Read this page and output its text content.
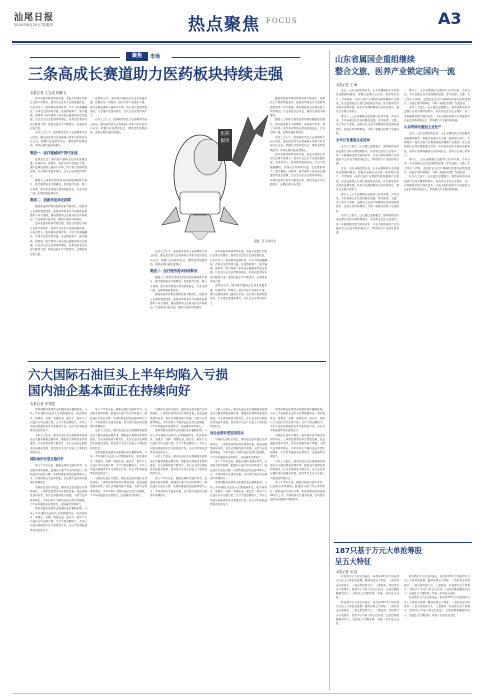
汕尾日报
2020年8月20日 星期四	热点聚焦 FOCUS	A3
聚焦	市场
三条高成长赛道助力医药板块持续走强
本报记者 王五成 郭鹏飞

近年来医药板块持续走强，受益于政策红利和行业景气度提升，医药行业正处于高速发展阶段。从年初至今，医药板块表现优异，多只个股涨幅翻倍，市场关注度持续升温。在疫情影响下，医疗器械、创新药、医疗服务三条高成长赛道受到资金追捧，行业龙头企业业绩持续增长，机构投资者纷纷加大配置力度，板块估值水平不断提升，长期投资价值凸显。

业内人士认为，医药板块仍处于长周期景气向上阶段，建议投资者关注具备核心竞争力的优质龙头企业，把握行业结构性机会，理性看待短期波动，坚持长期价值投资理念。

赛道一：医疗器械国产替代加速

疫情发生后，国内医疗器械企业迎来发展机遇，检测试剂、呼吸机、监护仪等产品需求大增，国产品牌加速进入国内外市场，进口替代进程明显加快，行业集中度逐步提升，龙头企业优势持续扩大。

随着人口老龄化程度加深和居民健康意识提升，医疗服务需求不断释放，民营医疗机构、第三方检测、医疗美容等细分领域快速成长，行业空间广阔，长期发展前景看好。

赛道二：创新药迎来收获期

随着药品审评审批制度改革不断深化，创新药上市速度明显加快，医保谈判常态化为创新药放量提供了有力保障，国内创新药企业研发投入持续增加，产品管线日益丰富，国际化进程不断推进。

近年来医药板块持续走强，受益于政策红利和行业景气度提升，医药行业正处于高速发展阶段。从年初至今，医药板块表现优异，多只个股涨幅翻倍，市场关注度持续升温。在疫情影响下，医疗器械、创新药、医疗服务三条高成长赛道受到资金追捧，行业龙头企业业绩持续增长，机构投资者纷纷加大配置力度，板块估值水平不断提升，长期投资价值凸显。

疫情发生后，国内医疗器械企业迎来发展机遇，检测试剂、呼吸机、监护仪等产品需求大增，国产品牌加速进入国内外市场，进口替代进程明显加快，行业集中度逐步提升，龙头企业优势持续扩大。

业内人士认为，医药板块仍处于长周期景气向上阶段，建议投资者关注具备核心竞争力的优质龙头企业，把握行业结构性机会，理性看待短期波动，坚持长期价值投资理念。	医药板块
漫画：张 亮/新华社

业内人士认为，医药板块仍处于长周期景气向上阶段，建议投资者关注具备核心竞争力的优质龙头企业，把握行业结构性机会，理性看待短期波动，坚持长期价值投资理念。

赛道三：医疗服务需求持续释放

随着人口老龄化程度加深和居民健康意识提升，医疗服务需求不断释放，民营医疗机构、第三方检测、医疗美容等细分领域快速成长，行业空间广阔，长期发展前景看好。

随着药品审评审批制度改革不断深化，创新药上市速度明显加快，医保谈判常态化为创新药放量提供了有力保障，国内创新药企业研发投入持续增加，产品管线日益丰富，国际化进程不断推进。

近年来医药板块持续走强，受益于政策红利和行业景气度提升，医药行业正处于高速发展阶段。从年初至今，医药板块表现优异，多只个股涨幅翻倍，市场关注度持续升温。在疫情影响下，医疗器械、创新药、医疗服务三条高成长赛道受到资金追捧，行业龙头企业业绩持续增长，机构投资者纷纷加大配置力度，板块估值水平不断提升，长期投资价值凸显。

疫情发生后，国内医疗器械企业迎来发展机遇，检测试剂、呼吸机、监护仪等产品需求大增，国产品牌加速进入国内外市场，进口替代进程明显加快，行业集中度逐步提升，龙头企业优势持续扩大。

随着药品审评审批制度改革不断深化，创新药上市速度明显加快，医保谈判常态化为创新药放量提供了有力保障，国内创新药企业研发投入持续增加，产品管线日益丰富，国际化进程不断推进。

随着人口老龄化程度加深和居民健康意识提升，医疗服务需求不断释放，民营医疗机构、第三方检测、医疗美容等细分领域快速成长，行业空间广阔，长期发展前景看好。

业内人士认为，医药板块仍处于长周期景气向上阶段，建议投资者关注具备核心竞争力的优质龙头企业，把握行业结构性机会，理性看待短期波动，坚持长期价值投资理念。

近年来医药板块持续走强，受益于政策红利和行业景气度提升，医药行业正处于高速发展阶段。从年初至今，医药板块表现优异，多只个股涨幅翻倍，市场关注度持续升温。在疫情影响下，医疗器械、创新药、医疗服务三条高成长赛道受到资金追捧，行业龙头企业业绩持续增长，机构投资者纷纷加大配置力度，板块估值水平不断提升，长期投资价值凸显。

六大国际石油巨头上半年均陷入亏损
国内油企基本面正在持续向好
本报记者 李秀霞

受新冠肺炎疫情冲击和国际油价暴跌影响，今年上半年国际石油巨头业绩普遍承压，埃克森美孚、雪佛龙、壳牌、英国石油、道达尔、埃尼六大石油巨头均出现亏损，合计亏损金额较大，多家公司宣布削减资本开支和裁员计划，以应对市场低迷带来的经营压力。

分析人士指出，国内石油企业在保障国家能源安全方面发挥着重要作用，随着油气体制改革持续推进，行业竞争格局不断优化，龙头企业的长期投资价值逐步显现，投资者可关注产业链上下游的结构性机会。

国际油价有望企稳回升

进入下半年以来，随着全球经济逐步复苏，石油需求有所回暖，欧佩克+减产协议持续执行，国际油价从低位反弹，布伦特原油价格站稳40美元上方，市场供需关系逐步改善，业内预计油价将在震荡中缓慢回升。

与国际石油巨头相比，国内油企基本面正在持续向好，二季度经营情况环比明显改善，成品油销量逐步恢复，炼化业务盈利能力增强，天然气业务保持增长，多家机构认为国内油企业绩已经触底，下半年有望迎来业绩拐点，估值修复空间较大。

受新冠肺炎疫情冲击和国际油价暴跌影响，今年上半年国际石油巨头业绩普遍承压，埃克森美孚、雪佛龙、壳牌、英国石油、道达尔、埃尼六大石油巨头均出现亏损，合计亏损金额较大，多家公司宣布削减资本开支和裁员计划，以应对市场低迷带来的经营压力。

进入下半年以来，随着全球经济逐步复苏，石油需求有所回暖，欧佩克+减产协议持续执行，国际油价从低位反弹，布伦特原油价格站稳40美元上方，市场供需关系逐步改善，业内预计油价将在震荡中缓慢回升。

分析人士指出，国内石油企业在保障国家能源安全方面发挥着重要作用，随着油气体制改革持续推进，行业竞争格局不断优化，龙头企业的长期投资价值逐步显现，投资者可关注产业链上下游的结构性机会。

受新冠肺炎疫情冲击和国际油价暴跌影响，今年上半年国际石油巨头业绩普遍承压，埃克森美孚、雪佛龙、壳牌、英国石油、道达尔、埃尼六大石油巨头均出现亏损，合计亏损金额较大，多家公司宣布削减资本开支和裁员计划，以应对市场低迷带来的经营压力。

与国际石油巨头相比，国内油企基本面正在持续向好，二季度经营情况环比明显改善，成品油销量逐步恢复，炼化业务盈利能力增强，天然气业务保持增长，多家机构认为国内油企业绩已经触底，下半年有望迎来业绩拐点，估值修复空间较大。

与国际石油巨头相比，国内油企基本面正在持续向好，二季度经营情况环比明显改善，成品油销量逐步恢复，炼化业务盈利能力增强，天然气业务保持增长，多家机构认为国内油企业绩已经触底，下半年有望迎来业绩拐点，估值修复空间较大。

受新冠肺炎疫情冲击和国际油价暴跌影响，今年上半年国际石油巨头业绩普遍承压，埃克森美孚、雪佛龙、壳牌、英国石油、道达尔、埃尼六大石油巨头均出现亏损，合计亏损金额较大，多家公司宣布削减资本开支和裁员计划，以应对市场低迷带来的经营压力。

分析人士指出，国内石油企业在保障国家能源安全方面发挥着重要作用，随着油气体制改革持续推进，行业竞争格局不断优化，龙头企业的长期投资价值逐步显现，投资者可关注产业链上下游的结构性机会。

进入下半年以来，随着全球经济逐步复苏，石油需求有所回暖，欧佩克+减产协议持续执行，国际油价从低位反弹，布伦特原油价格站稳40美元上方，市场供需关系逐步改善，业内预计油价将在震荡中缓慢回升。

分析人士指出，国内石油企业在保障国家能源安全方面发挥着重要作用，随着油气体制改革持续推进，行业竞争格局不断优化，龙头企业的长期投资价值逐步显现，投资者可关注产业链上下游的结构性机会。

油企业绩有望迎来拐点

与国际石油巨头相比，国内油企基本面正在持续向好，二季度经营情况环比明显改善，成品油销量逐步恢复，炼化业务盈利能力增强，天然气业务保持增长，多家机构认为国内油企业绩已经触底，下半年有望迎来业绩拐点，估值修复空间较大。

进入下半年以来，随着全球经济逐步复苏，石油需求有所回暖，欧佩克+减产协议持续执行，国际油价从低位反弹，布伦特原油价格站稳40美元上方，市场供需关系逐步改善，业内预计油价将在震荡中缓慢回升。

受新冠肺炎疫情冲击和国际油价暴跌影响，今年上半年国际石油巨头业绩普遍承压，埃克森美孚、雪佛龙、壳牌、英国石油、道达尔、埃尼六大石油巨头均出现亏损，合计亏损金额较大，多家公司宣布削减资本开支和裁员计划，以应对市场低迷带来的经营压力。

受新冠肺炎疫情冲击和国际油价暴跌影响，今年上半年国际石油巨头业绩普遍承压，埃克森美孚、雪佛龙、壳牌、英国石油、道达尔、埃尼六大石油巨头均出现亏损，合计亏损金额较大，多家公司宣布削减资本开支和裁员计划，以应对市场低迷带来的经营压力。

与国际石油巨头相比，国内油企基本面正在持续向好，二季度经营情况环比明显改善，成品油销量逐步恢复，炼化业务盈利能力增强，天然气业务保持增长，多家机构认为国内油企业绩已经触底，下半年有望迎来业绩拐点，估值修复空间较大。

分析人士指出，国内石油企业在保障国家能源安全方面发挥着重要作用，随着油气体制改革持续推进，行业竞争格局不断优化，龙头企业的长期投资价值逐步显现，投资者可关注产业链上下游的结构性机会。

进入下半年以来，随着全球经济逐步复苏，石油需求有所回暖，欧佩克+减产协议持续执行，国际油价从低位反弹，布伦特原油价格站稳40美元上方，市场供需关系逐步改善，业内预计油价将在震荡中缓慢回升。

山东省属国企重组继续
整合文旅、医养产业锁定国内一流
本报记者 王 峰

近日，山东省国资委宣布，山东省属国有企业战略性重组继续推进，将整合省属企业文旅、医养相关资产，打造国内一流的文旅产业集团和医养健康产业集团。此次重组是山东深化国资国企改革、优化国有资本布局的重要举措，有利于发挥规模效应和协同效应，提升企业核心竞争力。

事实上，山东省属国企重组早已拉开序幕，去年以来，多家省属企业完成战略性重组，涉及能源、交通、化工等多个领域，重组后企业资产规模和经营效益明显提升，改革红利持续释放，为新一轮整合积累了宝贵经验。

去年已有重组企业进场

业内人士表示，山东通过重组整合，推动国有资本向重要行业和关键领域集中，向优势企业和主业集中，进一步做强做优做大国有资本，未来文旅和医养产业有望成为山东经济新的增长点，带动相关产业链协同发展。

近日，山东省国资委宣布，山东省属国有企业战略性重组继续推进，将整合省属企业文旅、医养相关资产，打造国内一流的文旅产业集团和医养健康产业集团。此次重组是山东深化国资国企改革、优化国有资本布局的重要举措，有利于发挥规模效应和协同效应，提升企业核心竞争力。

事实上，山东省属国企重组早已拉开序幕，去年以来，多家省属企业完成战略性重组，涉及能源、交通、化工等多个领域，重组后企业资产规模和经营效益明显提升，改革红利持续释放，为新一轮整合积累了宝贵经验。

业内人士表示，山东通过重组整合，推动国有资本向重要行业和关键领域集中，向优势企业和主业集中，进一步做强做优做大国有资本，未来文旅和医养产业有望成为山东经济新的增长点，带动相关产业链协同发展。

事实上，山东省属国企重组早已拉开序幕，去年以来，多家省属企业完成战略性重组，涉及能源、交通、化工等多个领域，重组后企业资产规模和经营效益明显提升，改革红利持续释放，为新一轮整合积累了宝贵经验。

业内人士表示，山东通过重组整合，推动国有资本向重要行业和关键领域集中，向优势企业和主业集中，进一步做强做优做大国有资本，未来文旅和医养产业有望成为山东经济新的增长点，带动相关产业链协同发展。

山东利国用重组主业变产

近日，山东省国资委宣布，山东省属国有企业战略性重组继续推进，将整合省属企业文旅、医养相关资产，打造国内一流的文旅产业集团和医养健康产业集团。此次重组是山东深化国资国企改革、优化国有资本布局的重要举措，有利于发挥规模效应和协同效应，提升企业核心竞争力。

事实上，山东省属国企重组早已拉开序幕，去年以来，多家省属企业完成战略性重组，涉及能源、交通、化工等多个领域，重组后企业资产规模和经营效益明显提升，改革红利持续释放，为新一轮整合积累了宝贵经验。

业内人士表示，山东通过重组整合，推动国有资本向重要行业和关键领域集中，向优势企业和主业集中，进一步做强做优做大国有资本，未来文旅和医养产业有望成为山东经济新的增长点，带动相关产业链协同发展。

187只基于万元大单抢筹股
呈五大特征
本报记者 吴 琼

昨日两市主力资金净流出，但仍有187只个股获得万元以上大单资金抢筹，整体呈现五大特征：一是机构重仓股居多；二是以绩优股为主；三是医药、科技等行业个股集中；四是中小市值个股占比较高；五是近期涨幅相对较小，估值处于合理区间，具备一定的安全边际。

昨日两市主力资金净流出，但仍有187只个股获得万元以上大单资金抢筹，整体呈现五大特征：一是机构重仓股居多；二是以绩优股为主；三是医药、科技等行业个股集中；四是中小市值个股占比较高；五是近期涨幅相对较小，估值处于合理区间，具备一定的安全边际。

昨日两市主力资金净流出，但仍有187只个股获得万元以上大单资金抢筹，整体呈现五大特征：一是机构重仓股居多；二是以绩优股为主；三是医药、科技等行业个股集中；四是中小市值个股占比较高；五是近期涨幅相对较小，估值处于合理区间，具备一定的安全边际。

昨日两市主力资金净流出，但仍有187只个股获得万元以上大单资金抢筹，整体呈现五大特征：一是机构重仓股居多；二是以绩优股为主；三是医药、科技等行业个股集中；四是中小市值个股占比较高；五是近期涨幅相对较小，估值处于合理区间，具备一定的安全边际。
